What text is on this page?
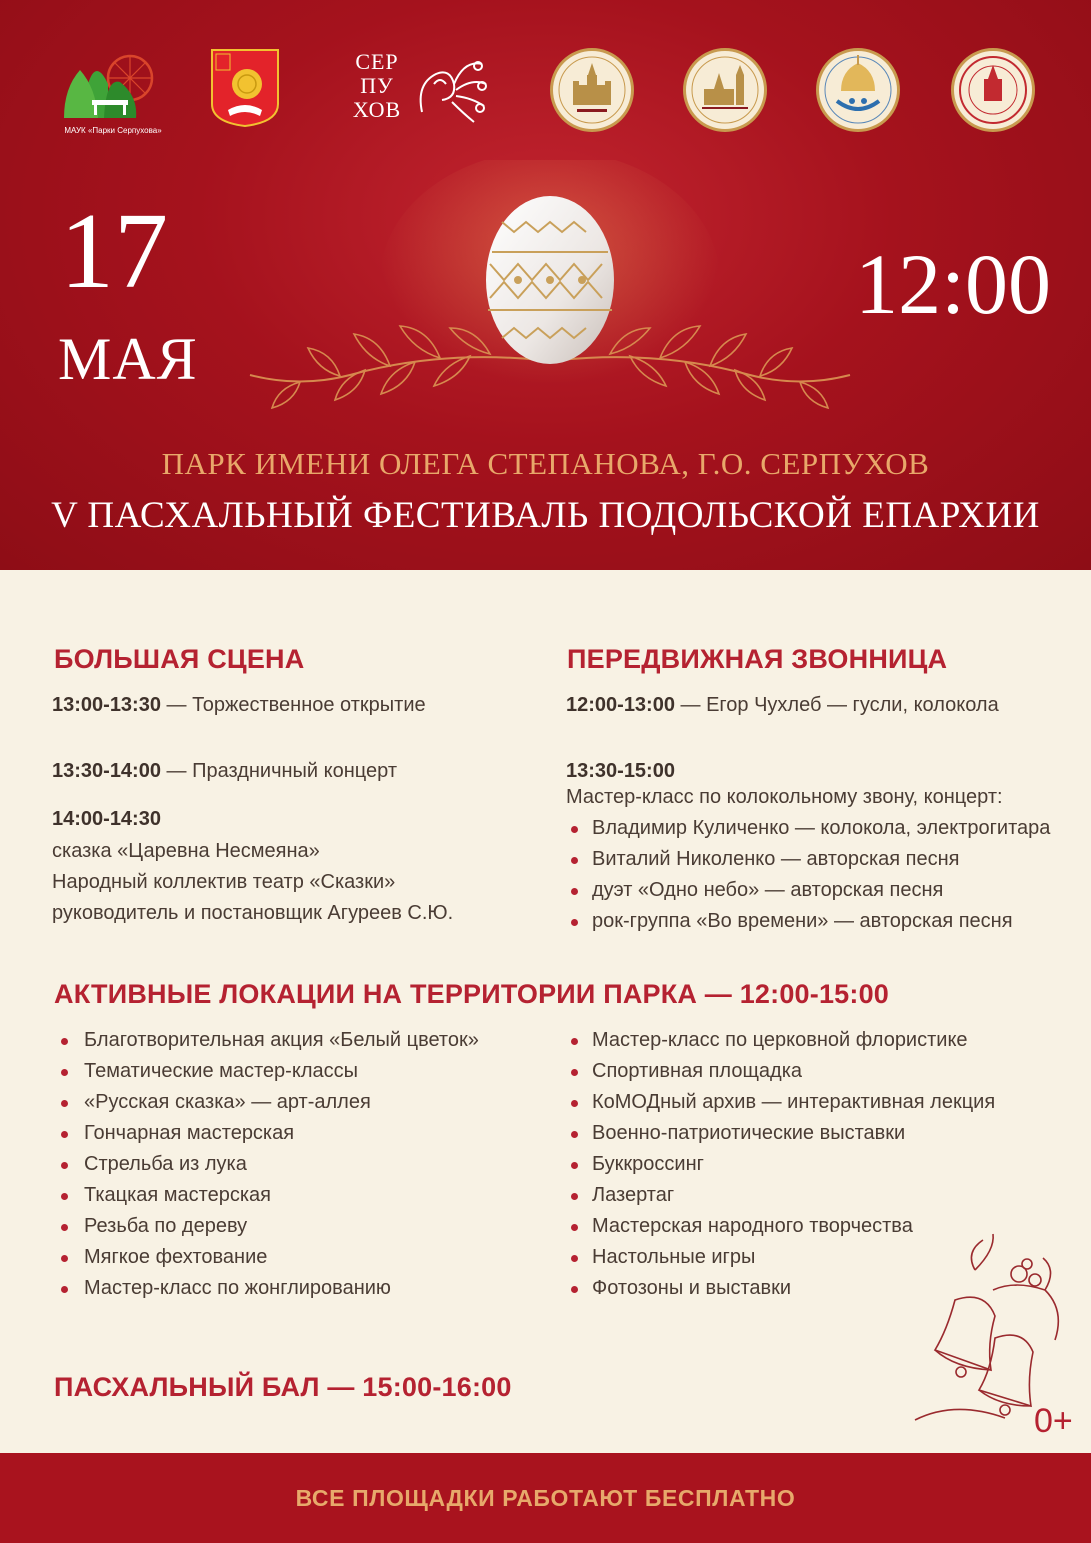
МАУК «Парки Серпухова»
СЕР
ПУ
ХОВ
17
МАЯ
12:00
ПАРК ИМЕНИ ОЛЕГА СТЕПАНОВА, Г.О. СЕРПУХОВ
V ПАСХАЛЬНЫЙ ФЕСТИВАЛЬ ПОДОЛЬСКОЙ ЕПАРХИИ
БОЛЬШАЯ СЦЕНА
13:00-13:30 — Торжественное открытие
13:30-14:00 — Праздничный концерт
14:00-14:30
сказка «Царевна Несмеяна»
Народный коллектив театр «Сказки»
руководитель и постановщик Агуреев С.Ю.
ПЕРЕДВИЖНАЯ ЗВОННИЦА
12:00-13:00 — Егор Чухлеб — гусли, колокола
13:30-15:00
Мастер-класс по колокольному звону, концерт:
Владимир Куличенко — колокола, электрогитара
Виталий Николенко — авторская песня
дуэт «Одно небо» — авторская песня
рок-группа «Во времени» — авторская песня
АКТИВНЫЕ ЛОКАЦИИ НА ТЕРРИТОРИИ ПАРКА — 12:00-15:00
Благотворительная акция «Белый цветок»
Тематические мастер-классы
«Русская сказка» — арт-аллея
Гончарная мастерская
Стрельба из лука
Ткацкая мастерская
Резьба по дереву
Мягкое фехтование
Мастер-класс по жонглированию
Мастер-класс по церковной флористике
Спортивная площадка
КоМОДный архив — интерактивная лекция
Военно-патриотические выставки
Буккроссинг
Лазертаг
Мастерская народного творчества
Настольные игры
Фотозоны и выставки
ПАСХАЛЬНЫЙ БАЛ — 15:00-16:00
0+
ВСЕ ПЛОЩАДКИ РАБОТАЮТ БЕСПЛАТНО
